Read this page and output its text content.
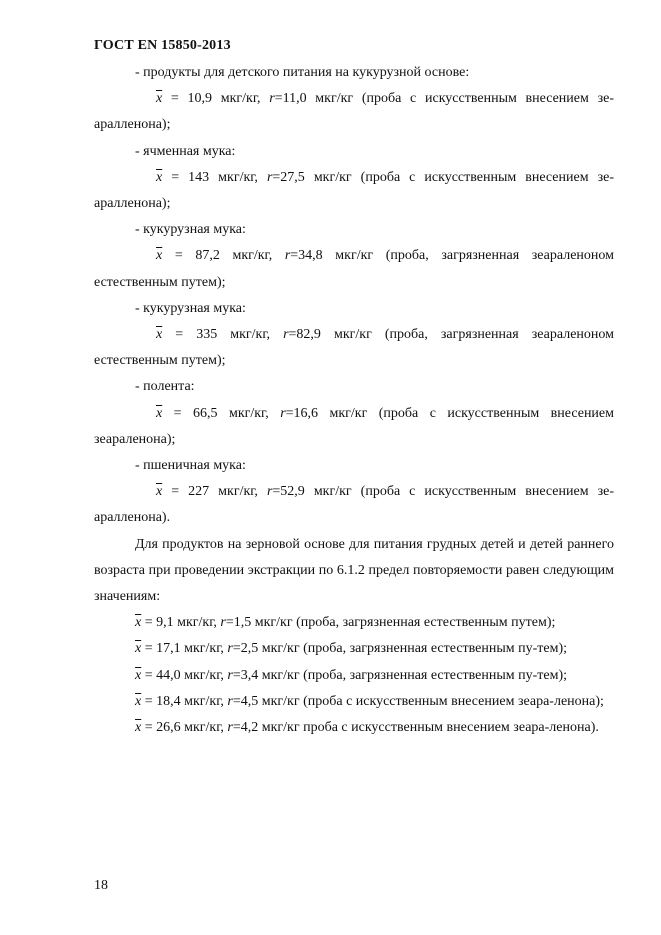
ГОСТ EN 15850-2013

- продукты для детского питания на кукурузной основе:

$\overline{x} = 10,9$ мкг/кг, r=11,0 мкг/кг (проба с искусственным внесением зе-аралленона);

- ячменная мука:

$\overline{x} = 143$ мкг/кг, r=27,5 мкг/кг (проба с искусственным внесением зе-аралленона);

- кукурузная мука:

$\overline{x} = 87,2$ мкг/кг, r=34,8 мкг/кг (проба, загрязненная зеараленоном естественным путем);

- кукурузная мука:

$\overline{x} = 335$ мкг/кг, r=82,9 мкг/кг (проба, загрязненная зеараленоном естественным путем);

- полента:

$\overline{x} = 66,5$ мкг/кг, r=16,6 мкг/кг (проба с искусственным внесением зеараленона);

- пшеничная мука:

$\overline{x} = 227$ мкг/кг, r=52,9 мкг/кг (проба с искусственным внесением зе-аралленона).

Для продуктов на зерновой основе для питания грудных детей и детей раннего возраста при проведении экстракции по 6.1.2 предел повторяемости равен следующим значениям:

$\overline{x} = 9,1$ мкг/кг, r=1,5 мкг/кг (проба, загрязненная естественным путем);

$\overline{x} = 17,1$ мкг/кг, r=2,5 мкг/кг (проба, загрязненная естественным пу-тем);

$\overline{x} = 44,0$ мкг/кг, r=3,4 мкг/кг (проба, загрязненная естественным пу-тем);

$\overline{x} = 18,4$ мкг/кг, r=4,5 мкг/кг (проба с искусственным внесением зеара-ленона);

$\overline{x} = 26,6$ мкг/кг, r=4,2 мкг/кг проба с искусственным внесением зеара-ленона).

18
